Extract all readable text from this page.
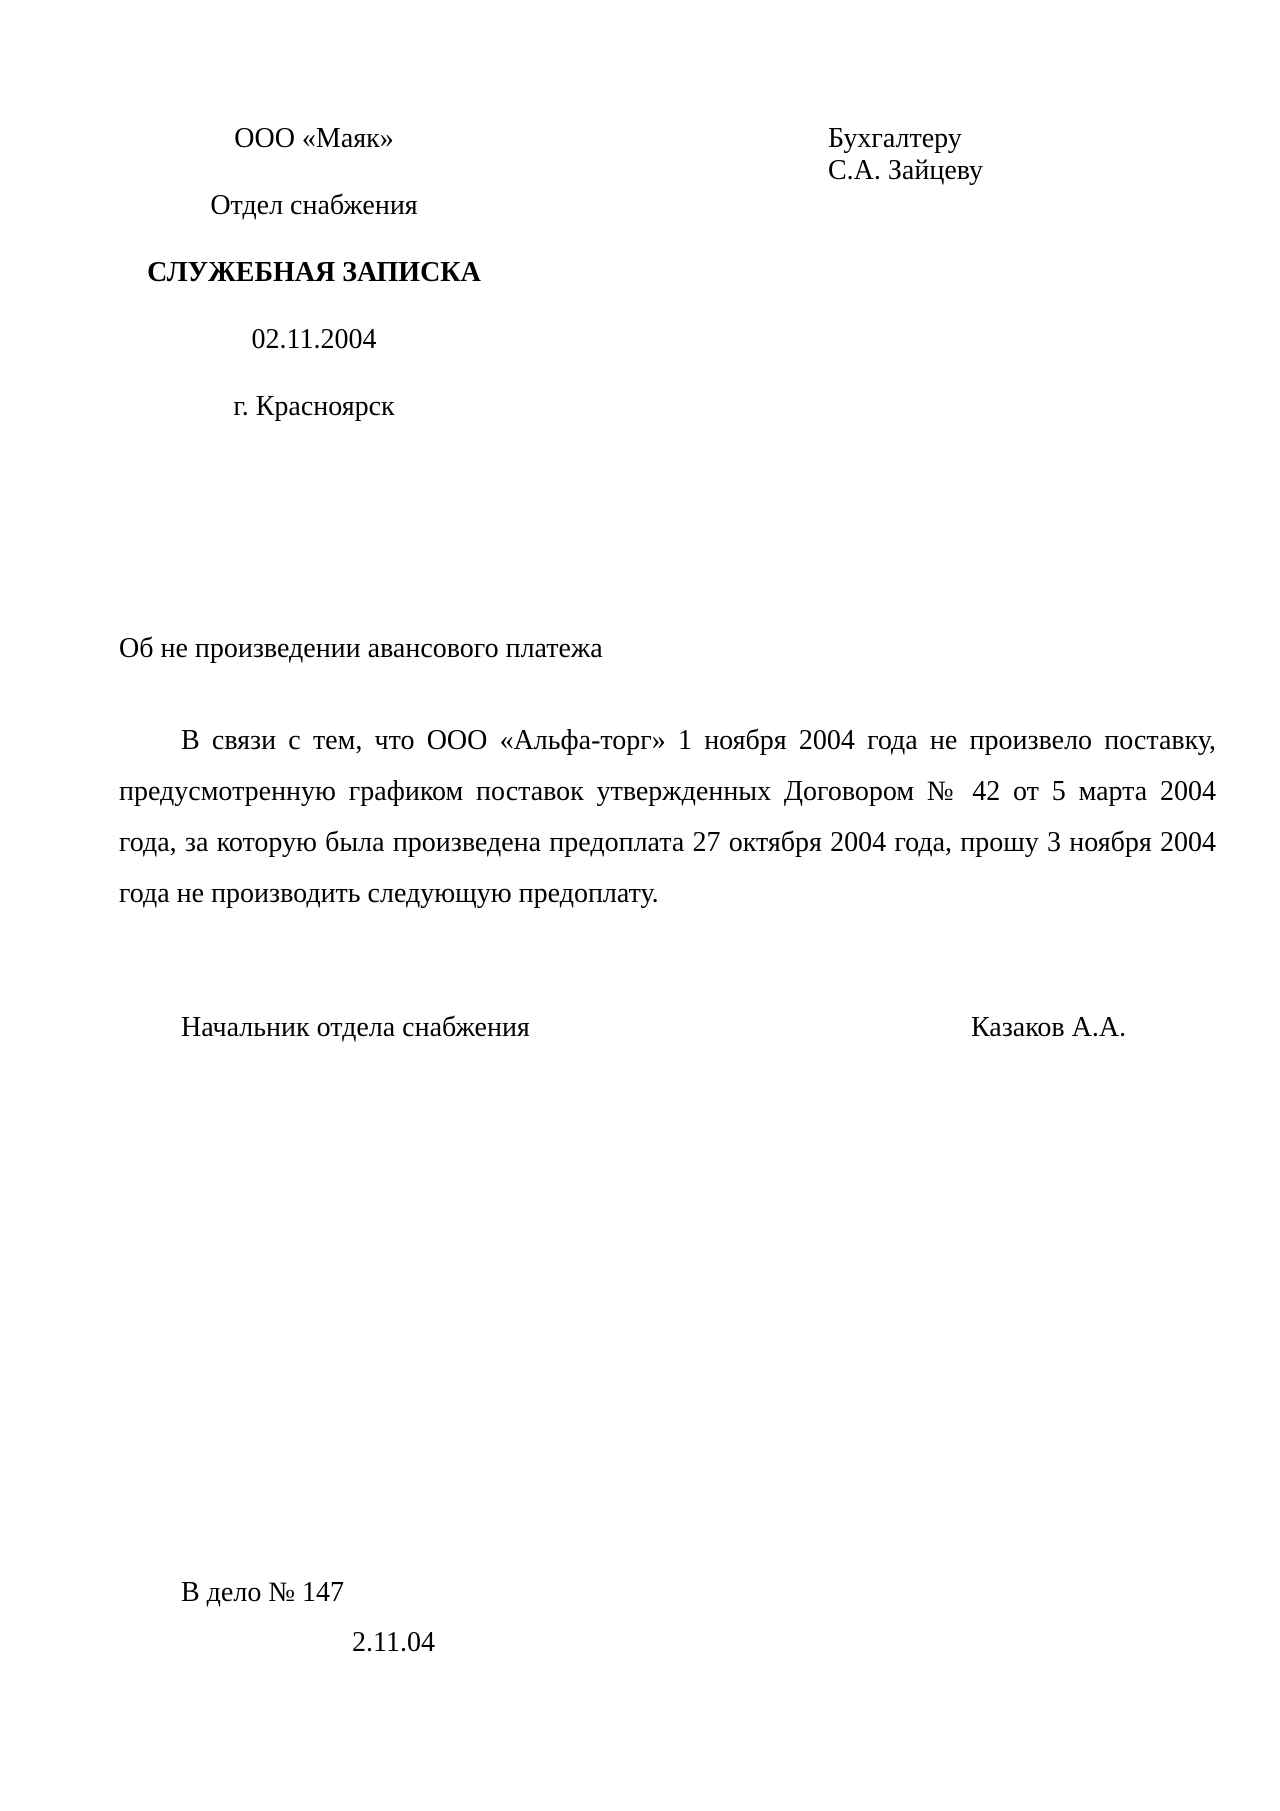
ООО «Маяк»
Отдел снабжения
СЛУЖЕБНАЯ ЗАПИСКА
02.11.2004
г. Красноярск
Бухгалтеру
С.А. Зайцеву
Об не произведении авансового платежа
В связи с тем, что ООО «Альфа-торг» 1 ноября 2004 года не произвело поставку, предусмотренную графиком поставок утвержденных Договором № 42 от 5 марта 2004 года, за которую была произведена предоплата 27 октября 2004 года, прошу 3 ноября 2004 года не производить следующую предоплату.
Начальник отдела снабжения	Казаков А.А.
В дело № 147
2.11.04
